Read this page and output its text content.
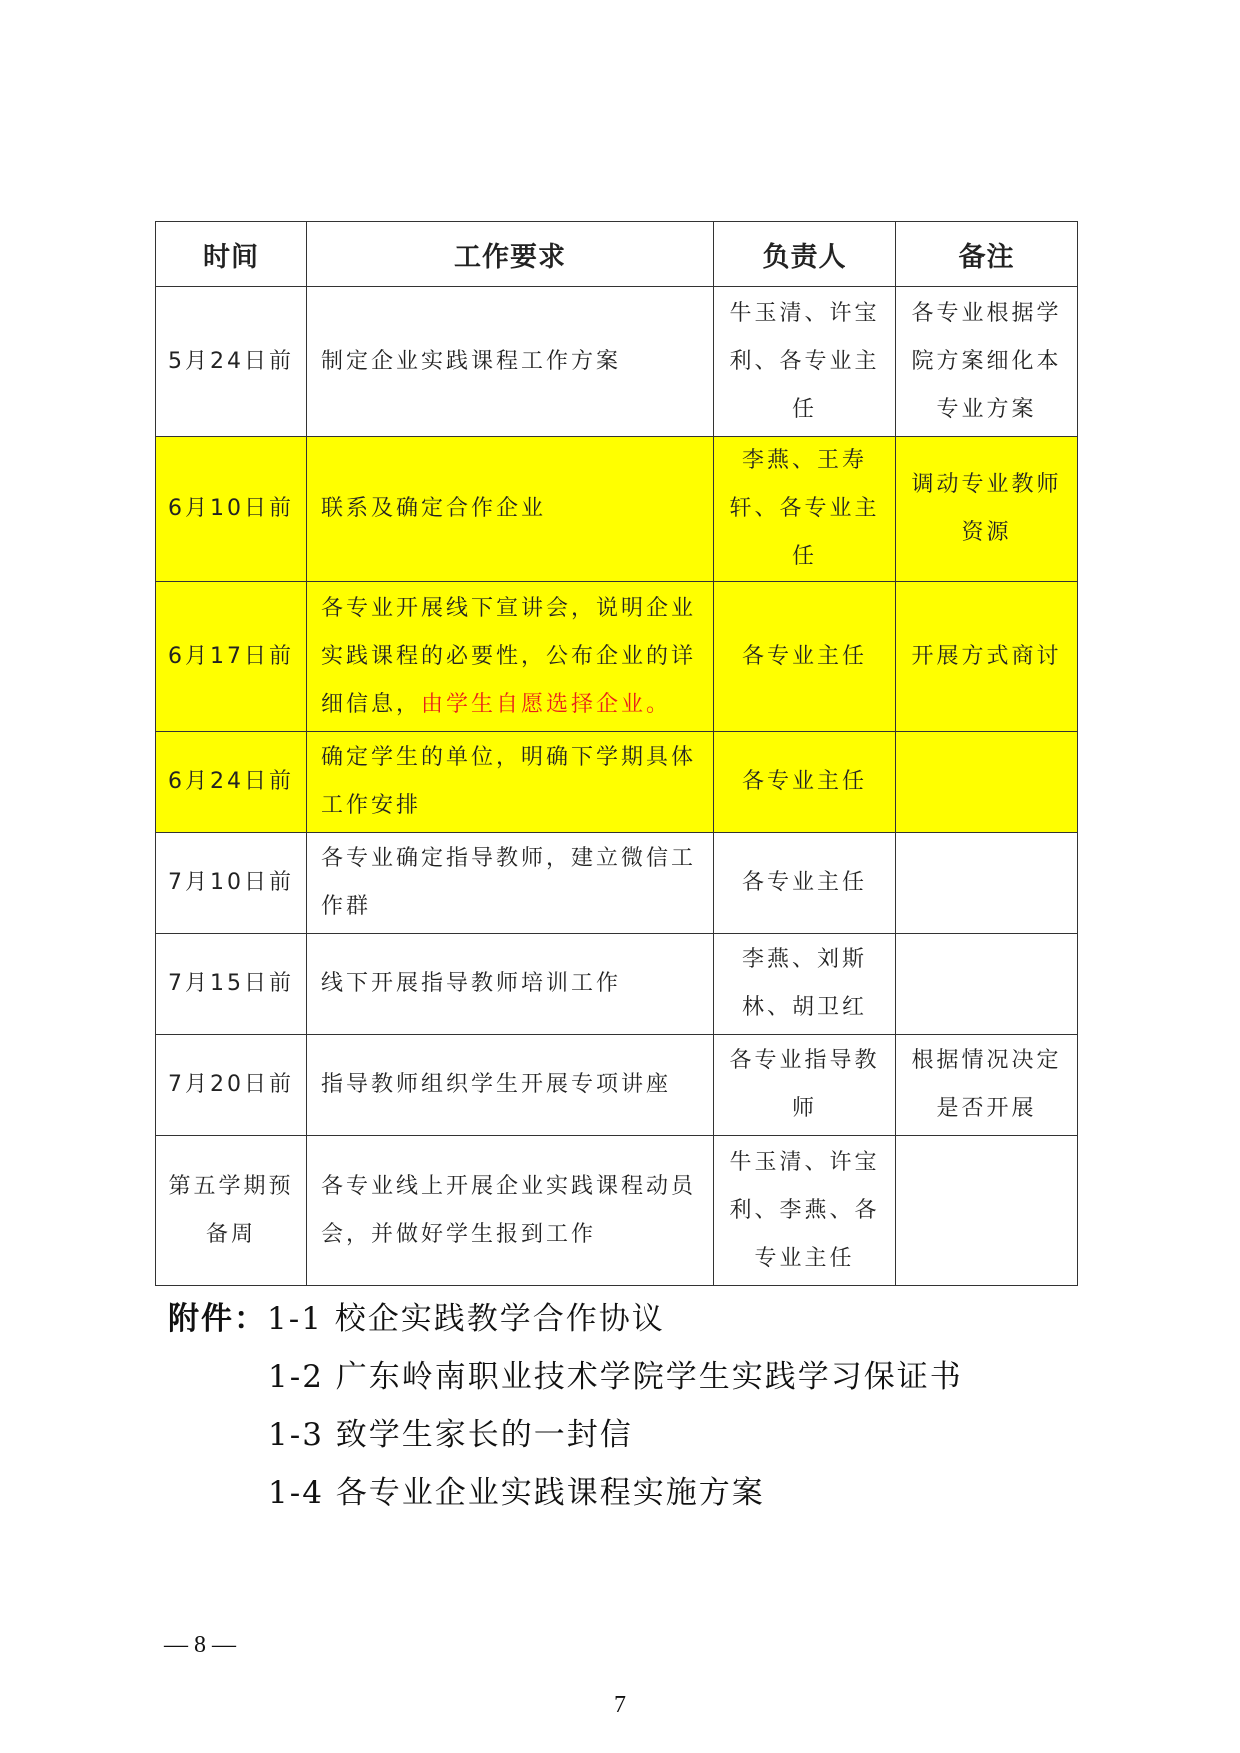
时间	工作要求	负责人	备注
5月24日前	制定企业实践课程工作方案	牛玉清、许宝利、各专业主任	各专业根据学院方案细化本专业方案
6月10日前	联系及确定合作企业	李燕、王寿轩、各专业主任	调动专业教师资源
6月17日前	各专业开展线下宣讲会，说明企业实践课程的必要性，公布企业的详细信息，由学生自愿选择企业。	各专业主任	开展方式商讨
6月24日前	确定学生的单位，明确下学期具体工作安排	各专业主任	
7月10日前	各专业确定指导教师，建立微信工作群	各专业主任	
7月15日前	线下开展指导教师培训工作	李燕、刘斯林、胡卫红	
7月20日前	指导教师组织学生开展专项讲座	各专业指导教师	根据情况决定是否开展
第五学期预备周	各专业线上开展企业实践课程动员会，并做好学生报到工作	牛玉清、许宝利、李燕、各专业主任	
附件：1-1 校企实践教学合作协议
1-2 广东岭南职业技术学院学生实践学习保证书
1-3 致学生家长的一封信
1-4 各专业企业实践课程实施方案
— 8 —
7
